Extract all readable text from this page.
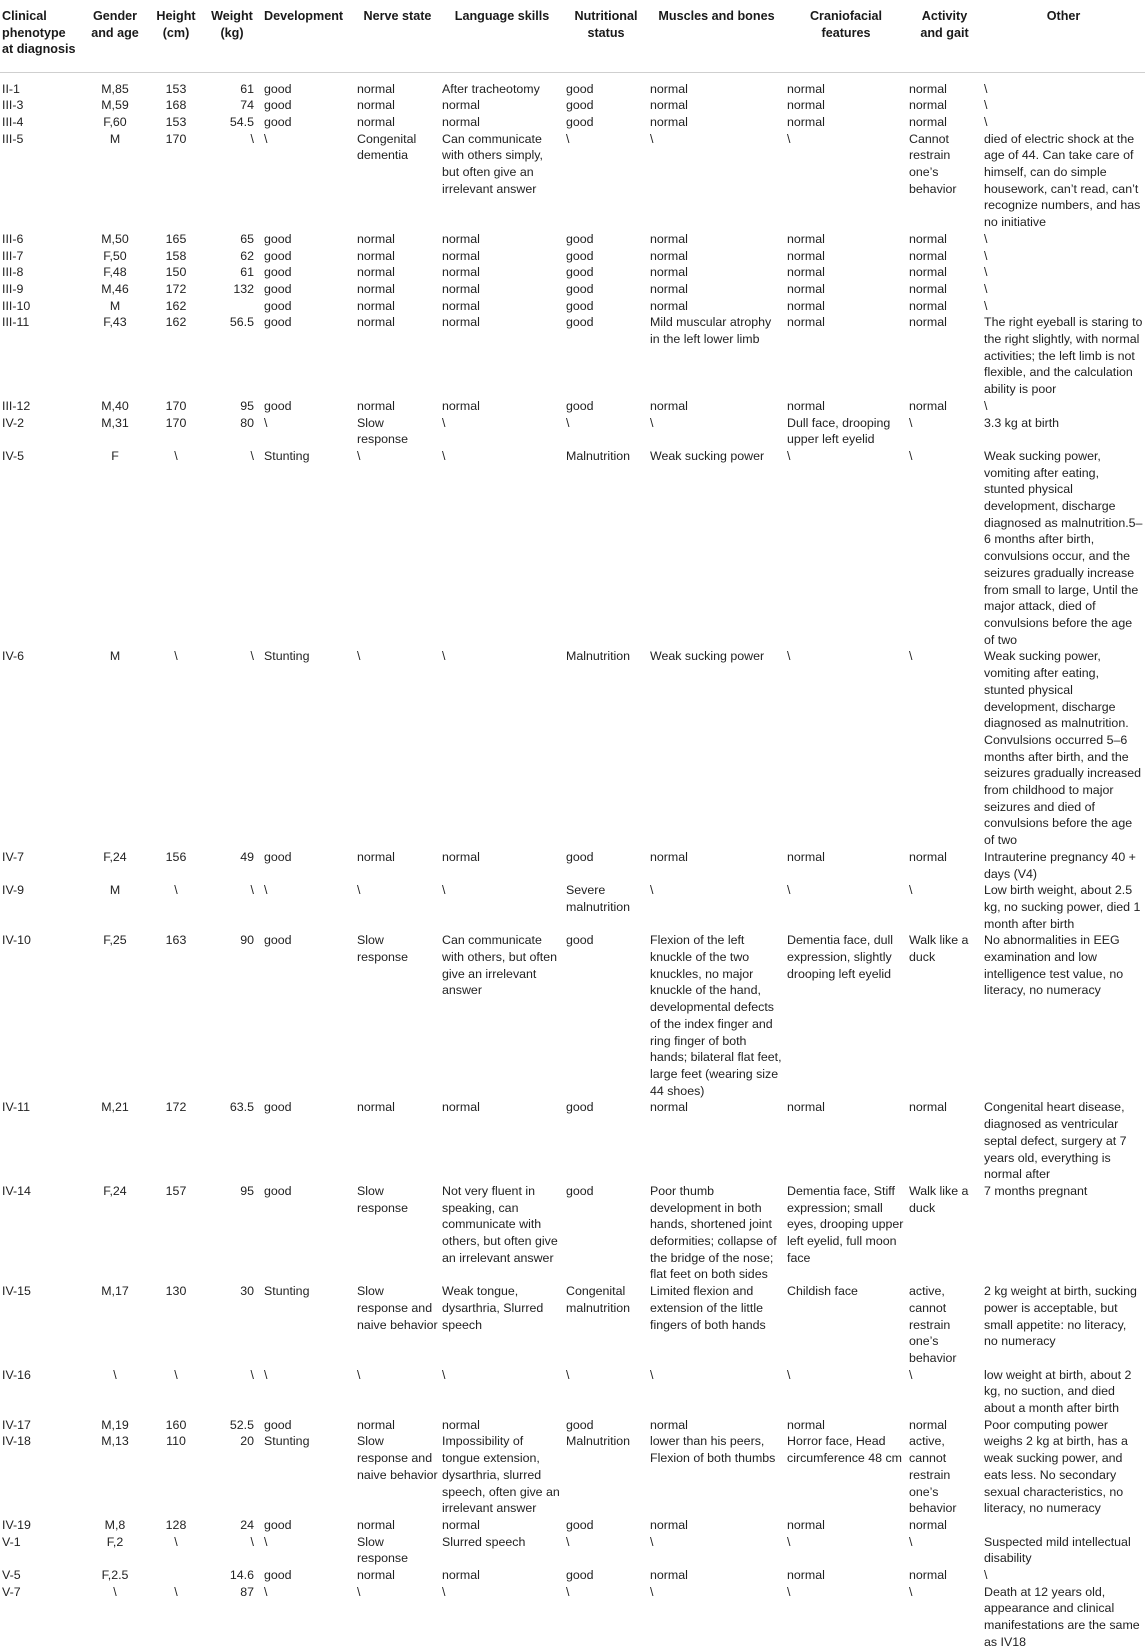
Clinical phenotype at diagnosis	Gender and age	Height (cm)	Weight (kg)	Development	Nerve state	Language skills	Nutritional status	Muscles and bones	Craniofacial features	Activity and gait	Other
II-1	M,85	153	61	good	normal	After tracheotomy	good	normal	normal	normal	\
III-3	M,59	168	74	good	normal	normal	good	normal	normal	normal	\
III-4	F,60	153	54.5	good	normal	normal	good	normal	normal	normal	\
III-5	M	170	\	\	Congenital dementia	Can communicate with others simply, but often give an irrelevant answer	\	\	\	Cannot restrain one’s behavior	died of electric shock at the age of 44. Can take care of himself, can do simple housework, can’t read, can’t recognize numbers, and has no initiative
III-6	M,50	165	65	good	normal	normal	good	normal	normal	normal	\
III-7	F,50	158	62	good	normal	normal	good	normal	normal	normal	\
III-8	F,48	150	61	good	normal	normal	good	normal	normal	normal	\
III-9	M,46	172	132	good	normal	normal	good	normal	normal	normal	\
III-10	M	162		good	normal	normal	good	normal	normal	normal	\
III-11	F,43	162	56.5	good	normal	normal	good	Mild muscular atrophy in the left lower limb	normal	normal	The right eyeball is staring to the right slightly, with normal activities; the left limb is not flexible, and the calculation ability is poor
III-12	M,40	170	95	good	normal	normal	good	normal	normal	normal	\
IV-2	M,31	170	80	\	Slow response	\	\	\	Dull face, drooping upper left eyelid	\	3.3 kg at birth
IV-5	F	\	\	Stunting	\	\	Malnutrition	Weak sucking power	\	\	Weak sucking power, vomiting after eating, stunted physical development, discharge diagnosed as malnutrition.5–6 months after birth, convulsions occur, and the seizures gradually increase from small to large, Until the major attack, died of convulsions before the age of two
IV-6	M	\	\	Stunting	\	\	Malnutrition	Weak sucking power	\	\	Weak sucking power, vomiting after eating, stunted physical development, discharge diagnosed as malnutrition. Convulsions occurred 5–6 months after birth, and the seizures gradually increased from childhood to major seizures and died of convulsions before the age of two
IV-7	F,24	156	49	good	normal	normal	good	normal	normal	normal	Intrauterine pregnancy 40 + days (V4)
IV-9	M	\	\	\	\	\	Severe malnutrition	\	\	\	Low birth weight, about 2.5 kg, no sucking power, died 1 month after birth
IV-10	F,25	163	90	good	Slow response	Can communicate with others, but often give an irrelevant answer	good	Flexion of the left knuckle of the two knuckles, no major knuckle of the hand, developmental defects of the index finger and ring finger of both hands; bilateral flat feet, large feet (wearing size 44 shoes)	Dementia face, dull expression, slightly drooping left eyelid	Walk like a duck	No abnormalities in EEG examination and low intelligence test value, no literacy, no numeracy
IV-11	M,21	172	63.5	good	normal	normal	good	normal	normal	normal	Congenital heart disease, diagnosed as ventricular septal defect, surgery at 7 years old, everything is normal after
IV-14	F,24	157	95	good	Slow response	Not very fluent in speaking, can communicate with others, but often give an irrelevant answer	good	Poor thumb development in both hands, shortened joint deformities; collapse of the bridge of the nose; flat feet on both sides	Dementia face, Stiff expression; small eyes, drooping upper left eyelid, full moon face	Walk like a duck	7 months pregnant
IV-15	M,17	130	30	Stunting	Slow response and naive behavior	Weak tongue, dysarthria, Slurred speech	Congenital malnutrition	Limited flexion and extension of the little fingers of both hands	Childish face	active, cannot restrain one’s behavior	2 kg weight at birth, sucking power is acceptable, but small appetite: no literacy, no numeracy
IV-16	\	\	\	\	\	\	\	\	\	\	low weight at birth, about 2 kg, no suction, and died about a month after birth
IV-17	M,19	160	52.5	good	normal	normal	good	normal	normal	normal	Poor computing power
IV-18	M,13	110	20	Stunting	Slow response and naive behavior	Impossibility of tongue extension, dysarthria, slurred speech, often give an irrelevant answer	Malnutrition	lower than his peers, Flexion of both thumbs	Horror face, Head circumference 48 cm	active, cannot restrain one’s behavior	weighs 2 kg at birth, has a weak sucking power, and eats less. No secondary sexual characteristics, no literacy, no numeracy
IV-19	M,8	128	24	good	normal	normal	good	normal	normal	normal	
V-1	F,2	\	\	\	Slow response	Slurred speech	\	\	\	\	Suspected mild intellectual disability
V-5	F,2.5		14.6	good	normal	normal	good	normal	normal	normal	\
V-7	\	\	87	\	\	\	\	\	\	\	Death at 12 years old, appearance and clinical manifestations are the same as IV18
